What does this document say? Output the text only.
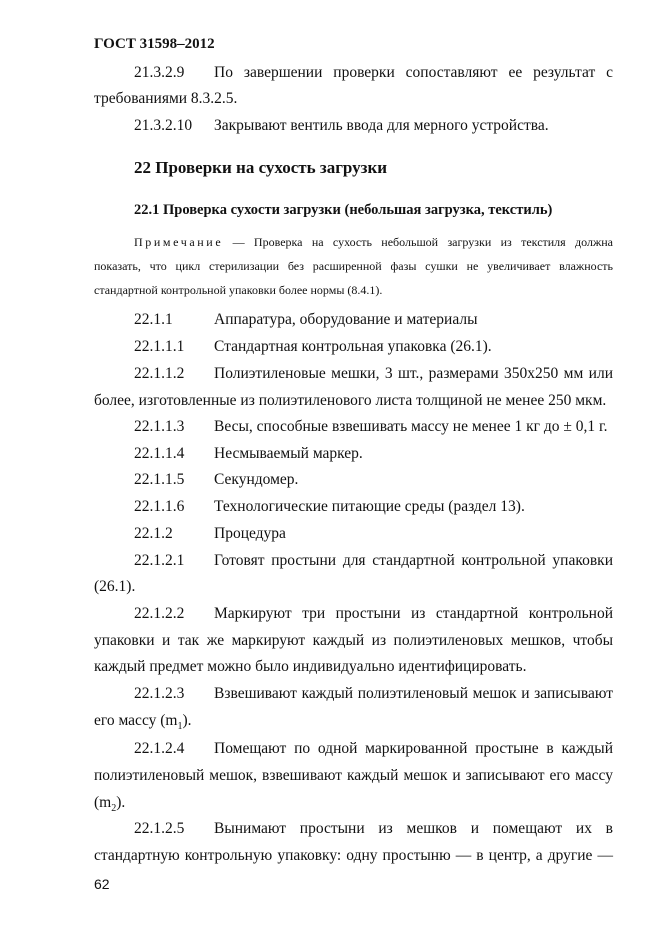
ГОСТ 31598–2012
21.3.2.9 По завершении проверки сопоставляют ее результат с
требованиями 8.3.2.5.
21.3.2.10 Закрывают вентиль ввода для мерного устройства.
22 Проверки на сухость загрузки
22.1 Проверка сухости загрузки (небольшая загрузка, текстиль)
Примечание — Проверка на сухость небольшой загрузки из текстиля должна
показать, что цикл стерилизации без расширенной фазы сушки не увеличивает влажность
стандартной контрольной упаковки более нормы (8.4.1).
22.1.1	Аппаратура, оборудование и материалы
22.1.1.1 Стандартная контрольная упаковка (26.1).
22.1.1.2 Полиэтиленовые мешки, 3 шт., размерами 350х250 мм или
более, изготовленные из полиэтиленового листа толщиной не менее 250 мкм.
22.1.1.3 Весы, способные взвешивать массу не менее 1 кг до ± 0,1 г.
22.1.1.4 Несмываемый маркер.
22.1.1.5 Секундомер.
22.1.1.6 Технологические питающие среды (раздел 13).
22.1.2	Процедура
22.1.2.1 Готовят простыни для стандартной контрольной упаковки
(26.1).
22.1.2.2 Маркируют три простыни из стандартной контрольной
упаковки и так же маркируют каждый из полиэтиленовых мешков, чтобы
каждый предмет можно было индивидуально идентифицировать.
22.1.2.3 Взвешивают каждый полиэтиленовый мешок и записывают
его массу $(m_1)$.
22.1.2.4 Помещают по одной маркированной простыне в каждый
полиэтиленовый мешок, взвешивают каждый мешок и записывают его массу
$(m_2)$.
22.1.2.5 Вынимают простыни из мешков и помещают их в
стандартную контрольную упаковку: одну простыню — в центр, а другие —
62
